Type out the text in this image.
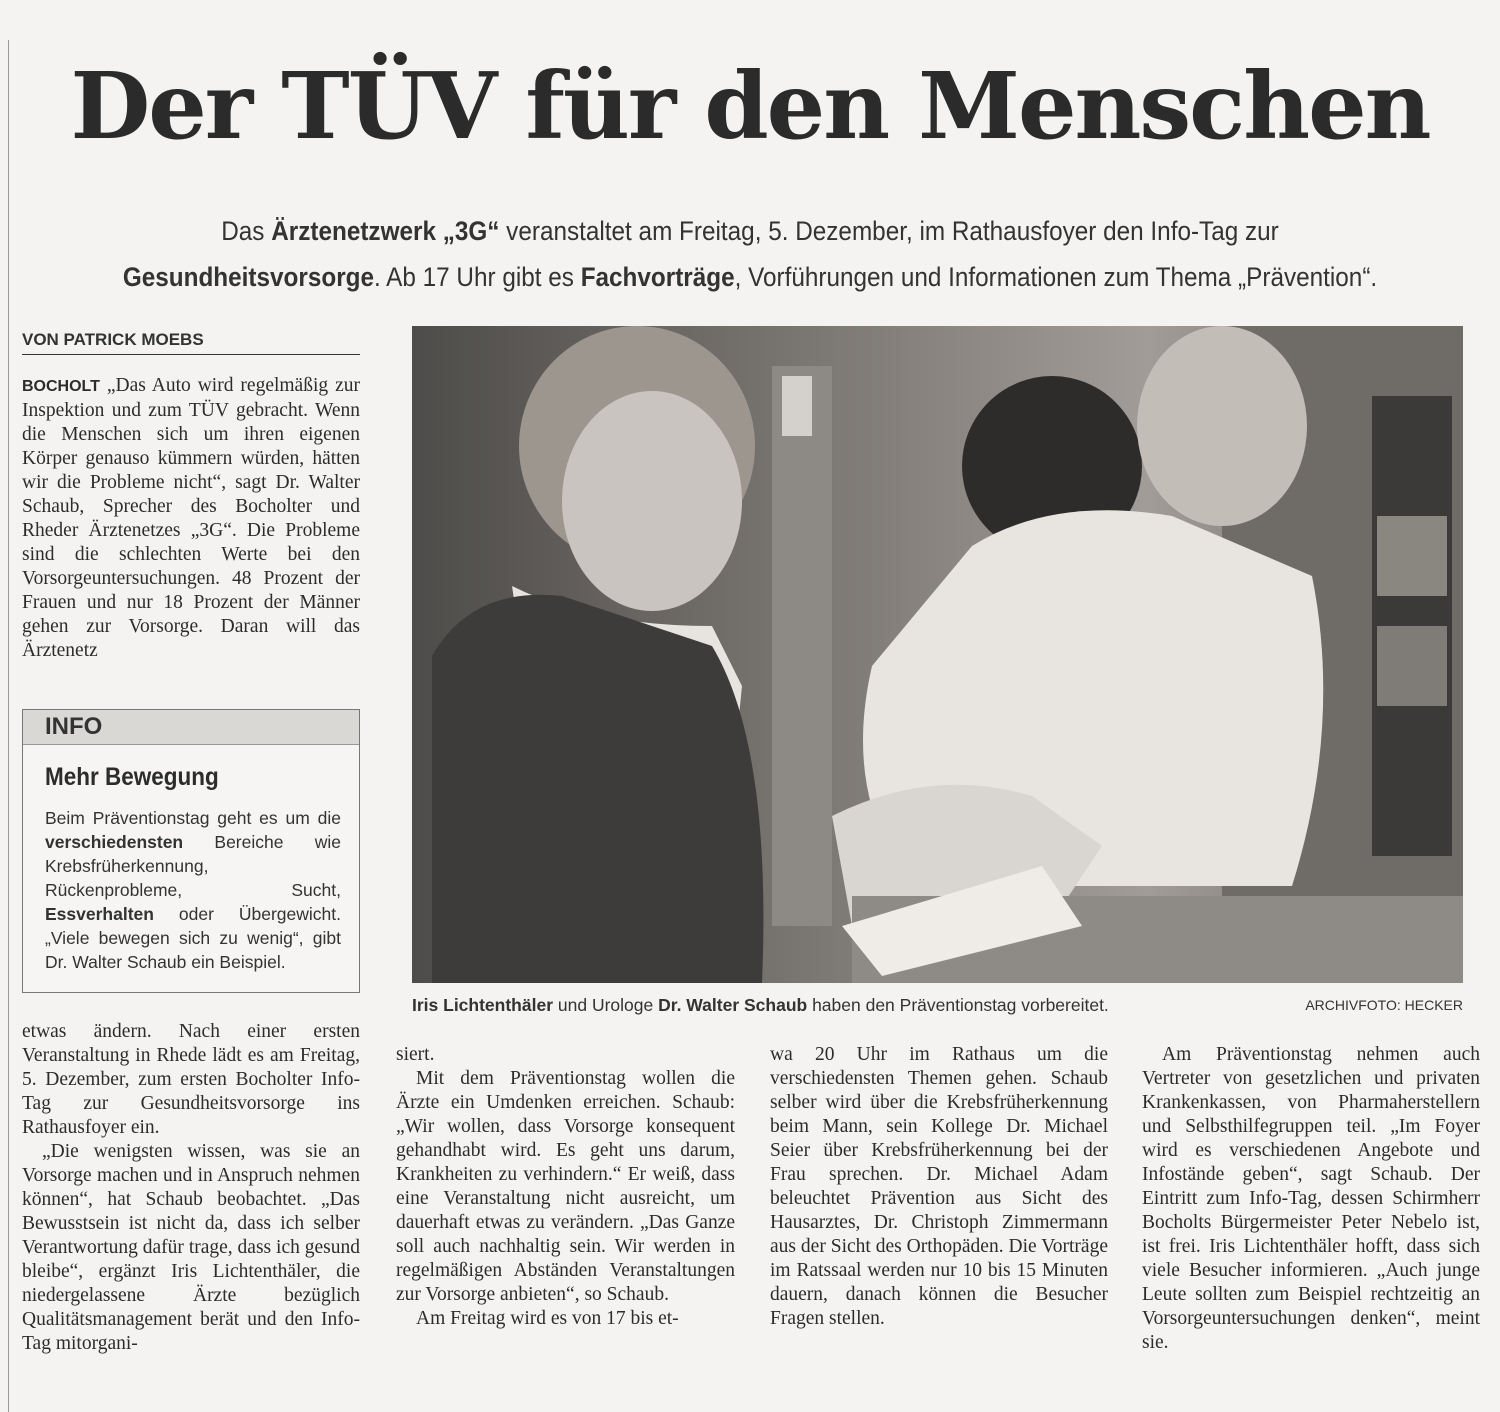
Der TÜV für den Menschen
Das Ärztenetzwerk „3G“ veranstaltet am Freitag, 5. Dezember, im Rathausfoyer den Info-Tag zur
Gesundheitsvorsorge. Ab 17 Uhr gibt es Fachvorträge, Vorführungen und Informationen zum Thema „Prävention“.
VON PATRICK MOEBS

BOCHOLT „Das Auto wird regelmäßig zur Inspektion und zum TÜV gebracht. Wenn die Menschen sich um ihren eigenen Körper genauso kümmern würden, hätten wir die Probleme nicht“, sagt Dr. Walter Schaub, Sprecher des Bocholter und Rheder Ärztenetzes „3G“. Die Probleme sind die schlechten Werte bei den Vorsorgeuntersuchungen. 48 Prozent der Frauen und nur 18 Prozent der Männer gehen zur Vorsorge. Daran will das Ärztenetz

INFO
Mehr Bewegung
Beim Präventionstag geht es um die verschiedensten Bereiche wie Krebsfrüherkennung, Rückenprobleme, Sucht, Essverhalten oder Übergewicht. „Viele bewegen sich zu wenig“, gibt Dr. Walter Schaub ein Beispiel.
Iris Lichtenthäler und Urologe Dr. Walter Schaub haben den Präventionstag vorbereitet.	ARCHIVFOTO: HECKER

etwas ändern. Nach einer ersten Veranstaltung in Rhede lädt es am Freitag, 5. Dezember, zum ersten Bocholter Info-Tag zur Gesundheitsvorsorge ins Rathausfoyer ein.

„Die wenigsten wissen, was sie an Vorsorge machen und in Anspruch nehmen können“, hat Schaub beobachtet. „Das Bewusstsein ist nicht da, dass ich selber Verantwortung dafür trage, dass ich gesund bleibe“, ergänzt Iris Lichtenthäler, die niedergelassene Ärzte bezüglich Qualitätsmanagement berät und den Info-Tag mitorgani-

siert.

Mit dem Präventionstag wollen die Ärzte ein Umdenken erreichen. Schaub: „Wir wollen, dass Vorsorge konsequent gehandhabt wird. Es geht uns darum, Krankheiten zu verhindern.“ Er weiß, dass eine Veranstaltung nicht ausreicht, um dauerhaft etwas zu verändern. „Das Ganze soll auch nachhaltig sein. Wir werden in regelmäßigen Abständen Veranstaltungen zur Vorsorge anbieten“, so Schaub.

Am Freitag wird es von 17 bis et-

wa 20 Uhr im Rathaus um die verschiedensten Themen gehen. Schaub selber wird über die Krebsfrüherkennung beim Mann, sein Kollege Dr. Michael Seier über Krebsfrüherkennung bei der Frau sprechen. Dr. Michael Adam beleuchtet Prävention aus Sicht des Hausarztes, Dr. Christoph Zimmermann aus der Sicht des Orthopäden. Die Vorträge im Ratssaal werden nur 10 bis 15 Minuten dauern, danach können die Besucher Fragen stellen.

Am Präventionstag nehmen auch Vertreter von gesetzlichen und privaten Krankenkassen, von Pharmaherstellern und Selbsthilfegruppen teil. „Im Foyer wird es verschiedenen Angebote und Infostände geben“, sagt Schaub. Der Eintritt zum Info-Tag, dessen Schirmherr Bocholts Bürgermeister Peter Nebelo ist, ist frei. Iris Lichtenthäler hofft, dass sich viele Besucher informieren. „Auch junge Leute sollten zum Beispiel rechtzeitig an Vorsorgeuntersuchungen denken“, meint sie.
